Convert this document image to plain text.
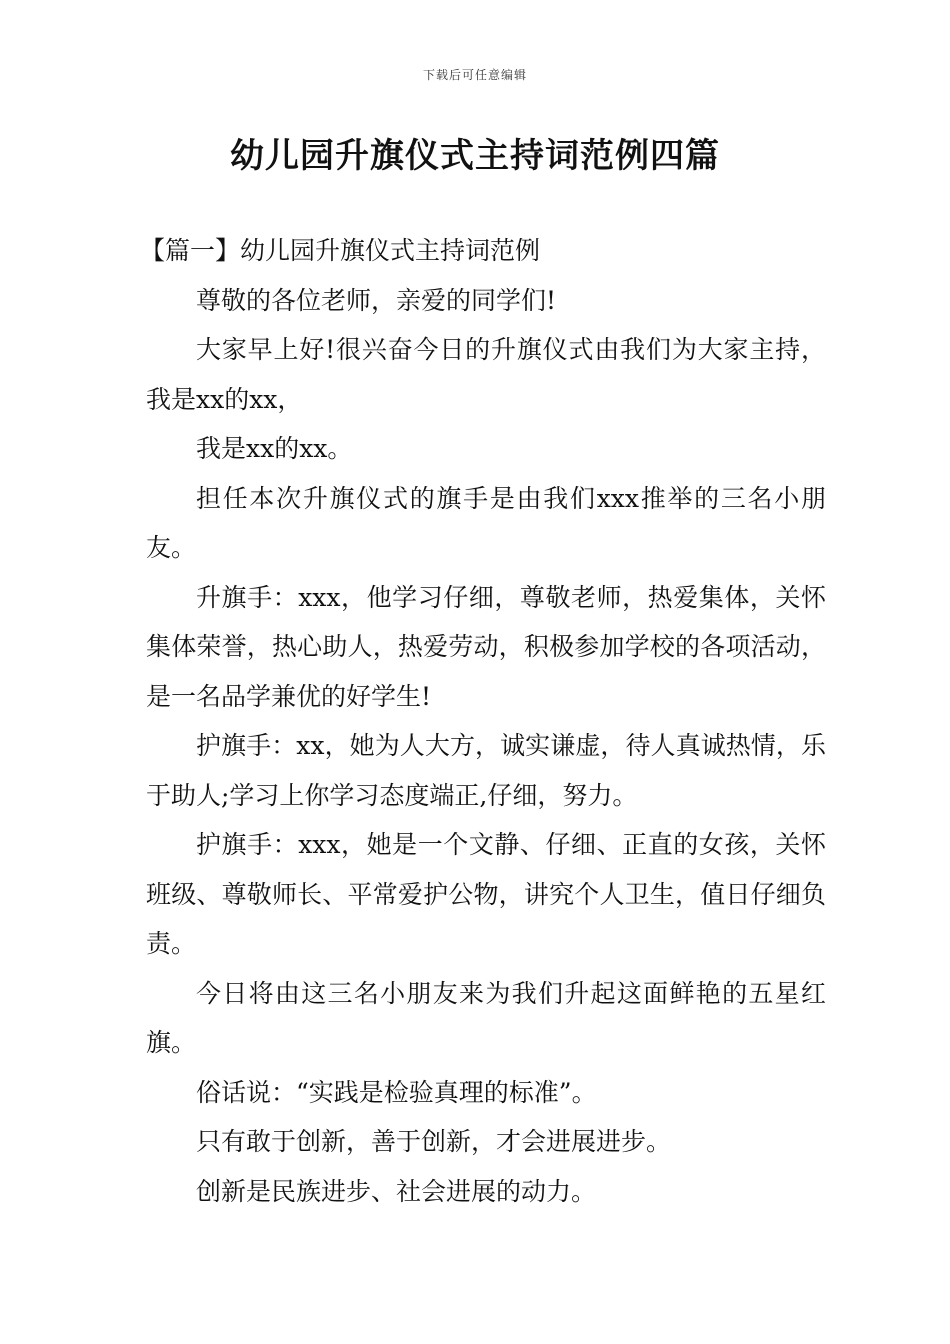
下载后可任意编辑
幼儿园升旗仪式主持词范例四篇

【篇一】幼儿园升旗仪式主持词范例

尊敬的各位老师，亲爱的同学们!

大家早上好!很兴奋今日的升旗仪式由我们为大家主持，我是xx的xx，

我是xx的xx。

担任本次升旗仪式的旗手是由我们xxx推举的三名小朋友。

升旗手：xxx，他学习仔细，尊敬老师，热爱集体，关怀集体荣誉，热心助人，热爱劳动，积极参加学校的各项活动，是一名品学兼优的好学生!

护旗手：xx，她为人大方，诚实谦虚，待人真诚热情，乐于助人;学习上你学习态度端正,仔细，努力。

护旗手：xxx，她是一个文静、仔细、正直的女孩，关怀班级、尊敬师长、平常爱护公物，讲究个人卫生，值日仔细负责。

今日将由这三名小朋友来为我们升起这面鲜艳的五星红旗。

俗话说：“实践是检验真理的标准”。

只有敢于创新，善于创新，才会进展进步。

创新是民族进步、社会进展的动力。
